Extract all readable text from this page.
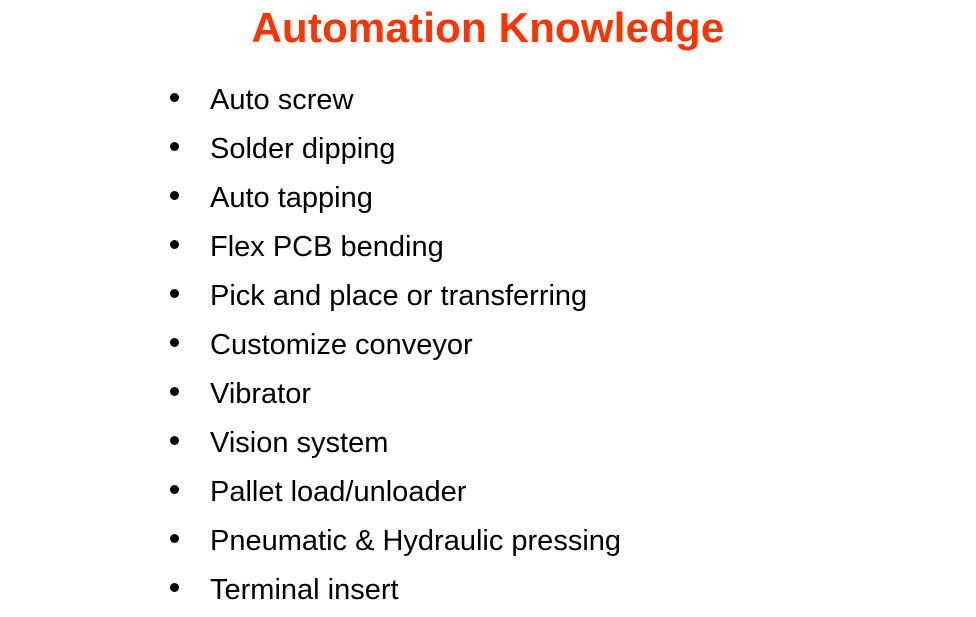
Automation Knowledge
Auto screw
Solder dipping
Auto tapping
Flex PCB bending
Pick and place or transferring
Customize conveyor
Vibrator
Vision system
Pallet load/unloader
Pneumatic & Hydraulic pressing
Terminal insert
